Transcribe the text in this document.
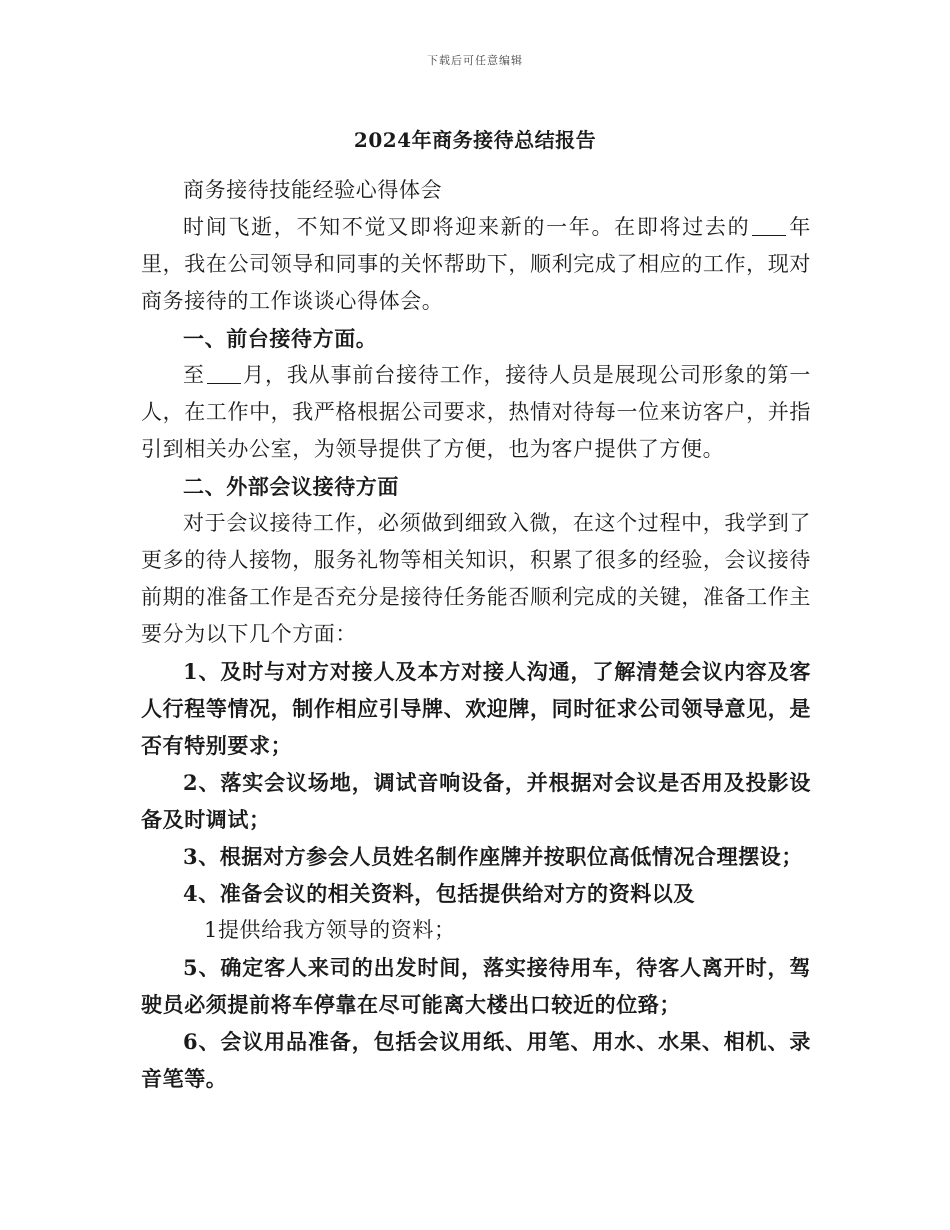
下载后可任意编辑
2024年商务接待总结报告

商务接待技能经验心得体会

时间飞逝，不知不觉又即将迎来新的一年。在即将过去的 年里，我在公司领导和同事的关怀帮助下，顺利完成了相应的工作，现对商务接待的工作谈谈心得体会。

一、前台接待方面。

至 月，我从事前台接待工作，接待人员是展现公司形象的第一人，在工作中，我严格根据公司要求，热情对待每一位来访客户，并指引到相关办公室，为领导提供了方便，也为客户提供了方便。

二、外部会议接待方面

对于会议接待工作，必须做到细致入微，在这个过程中，我学到了更多的待人接物，服务礼物等相关知识，积累了很多的经验，会议接待前期的准备工作是否充分是接待任务能否顺利完成的关键，准备工作主要分为以下几个方面：

1、及时与对方对接人及本方对接人沟通，了解清楚会议内容及客人行程等情况，制作相应引导牌、欢迎牌，同时征求公司领导意见，是否有特别要求；

2、落实会议场地，调试音响设备，并根据对会议是否用及投影设备及时调试；

3、根据对方参会人员姓名制作座牌并按职位高低情况合理摆设；

4、准备会议的相关资料，包括提供给对方的资料以及

1提供给我方领导的资料；

5、确定客人来司的出发时间，落实接待用车，待客人离开时，驾驶员必须提前将车停靠在尽可能离大楼出口较近的位臵；

6、会议用品准备，包括会议用纸、用笔、用水、水果、相机、录音笔等。
